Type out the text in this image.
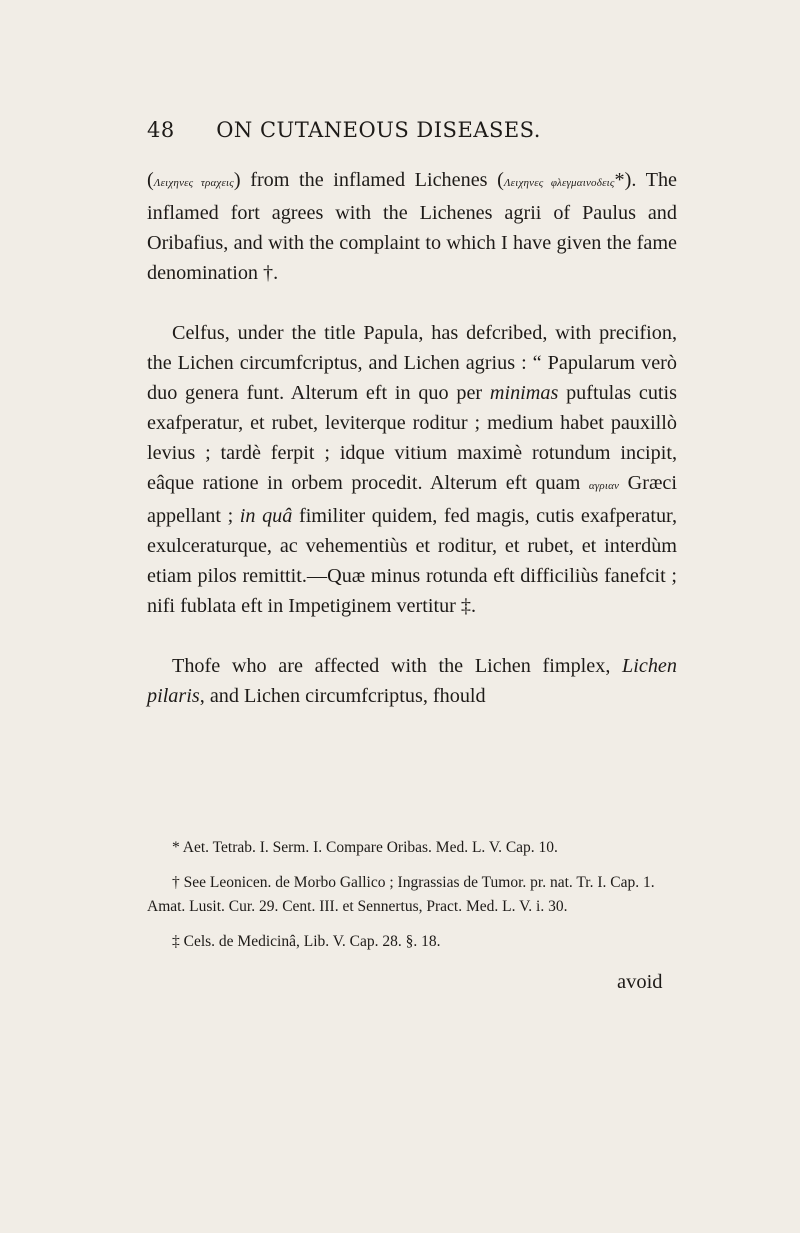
48 ON CUTANEOUS DISEASES.

(Λειχηνες τραχεις) from the inflamed Lichenes (Λειχηνες φλεγμαινοδεις*). The inflamed fort agrees with the Lichenes agrii of Paulus and Oribafius, and with the complaint to which I have given the fame denomination †.

Celfus, under the title Papula, has defcribed, with precifion, the Lichen circumfcriptus, and Lichen agrius : “ Papularum verò duo genera funt. Alterum eft in quo per minimas puftulas cutis exafperatur, et rubet, leviterque roditur ; medium habet pauxillò levius ; tardè ferpit ; idque vitium maximè rotundum incipit, eâque ratione in orbem procedit. Alterum eft quam αγριαν Græci appellant ; in quâ fimiliter quidem, fed magis, cutis exafperatur, exulceraturque, ac vehementiùs et roditur, et rubet, et interdùm etiam pilos remittit.—Quæ minus rotunda eft difficiliùs fanefcit ; nifi fublata eft in Impetiginem vertitur ‡.

Thofe who are affected with the Lichen fimplex, Lichen pilaris, and Lichen circumfcriptus, fhould

* Aet. Tetrab. I. Serm. I. Compare Oribas. Med. L. V. Cap. 10.

† See Leonicen. de Morbo Gallico ; Ingrassias de Tumor. pr. nat. Tr. I. Cap. 1. Amat. Lusit. Cur. 29. Cent. III. et Sennertus, Pract. Med. L. V. i. 30.

‡ Cels. de Medicinâ, Lib. V. Cap. 28. §. 18.

avoid
